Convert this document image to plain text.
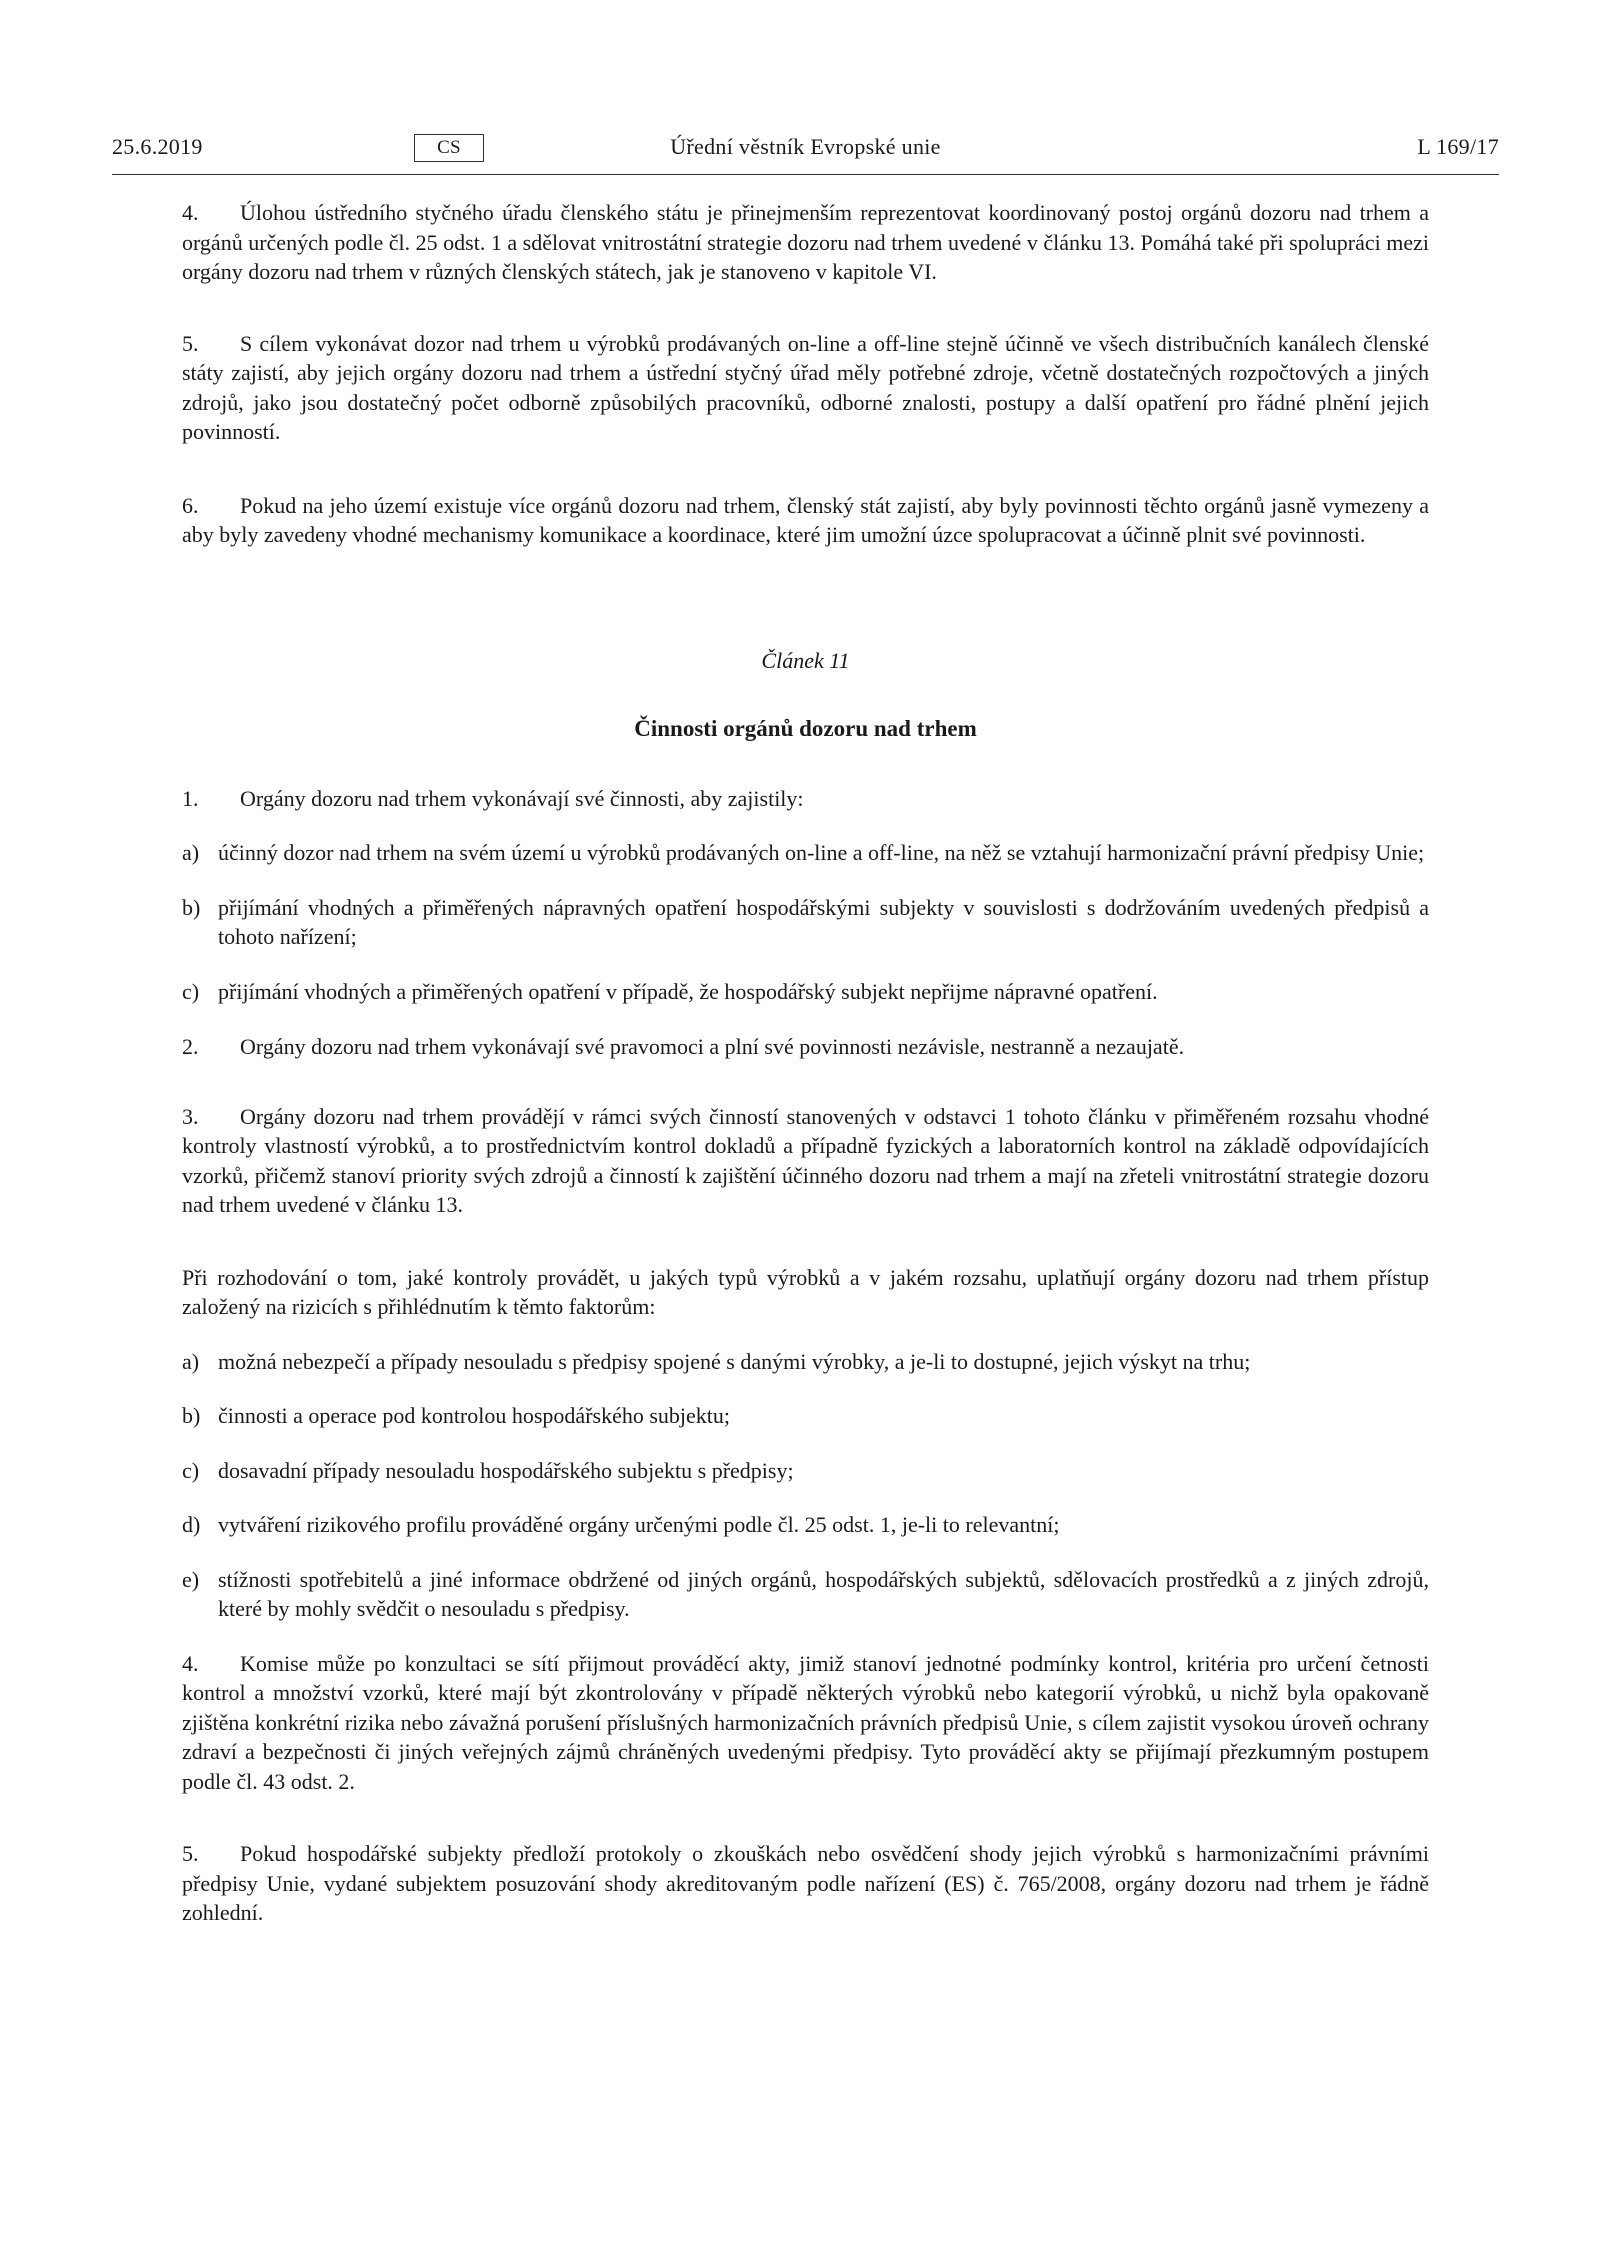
25.6.2019	CS	Úřední věstník Evropské unie	L 169/17

4. Úlohou ústředního styčného úřadu členského státu je přinejmenším reprezentovat koordinovaný postoj orgánů dozoru nad trhem a orgánů určených podle čl. 25 odst. 1 a sdělovat vnitrostátní strategie dozoru nad trhem uvedené v článku 13. Pomáhá také při spolupráci mezi orgány dozoru nad trhem v různých členských státech, jak je stanoveno v kapitole VI.

5. S cílem vykonávat dozor nad trhem u výrobků prodávaných on-line a off-line stejně účinně ve všech distribučních kanálech členské státy zajistí, aby jejich orgány dozoru nad trhem a ústřední styčný úřad měly potřebné zdroje, včetně dostatečných rozpočtových a jiných zdrojů, jako jsou dostatečný počet odborně způsobilých pracovníků, odborné znalosti, postupy a další opatření pro řádné plnění jejich povinností.

6. Pokud na jeho území existuje více orgánů dozoru nad trhem, členský stát zajistí, aby byly povinnosti těchto orgánů jasně vymezeny a aby byly zavedeny vhodné mechanismy komunikace a koordinace, které jim umožní úzce spolupracovat a účinně plnit své povinnosti.

Článek 11
Činnosti orgánů dozoru nad trhem

1. Orgány dozoru nad trhem vykonávají své činnosti, aby zajistily:

a) účinný dozor nad trhem na svém území u výrobků prodávaných on-line a off-line, na něž se vztahují harmonizační právní předpisy Unie;
b) přijímání vhodných a přiměřených nápravných opatření hospodářskými subjekty v souvislosti s dodržováním uvedených předpisů a tohoto nařízení;
c) přijímání vhodných a přiměřených opatření v případě, že hospodářský subjekt nepřijme nápravné opatření.

2. Orgány dozoru nad trhem vykonávají své pravomoci a plní své povinnosti nezávisle, nestranně a nezaujatě.

3. Orgány dozoru nad trhem provádějí v rámci svých činností stanovených v odstavci 1 tohoto článku v přiměřeném rozsahu vhodné kontroly vlastností výrobků, a to prostřednictvím kontrol dokladů a případně fyzických a laboratorních kontrol na základě odpovídajících vzorků, přičemž stanoví priority svých zdrojů a činností k zajištění účinného dozoru nad trhem a mají na zřeteli vnitrostátní strategie dozoru nad trhem uvedené v článku 13.

Při rozhodování o tom, jaké kontroly provádět, u jakých typů výrobků a v jakém rozsahu, uplatňují orgány dozoru nad trhem přístup založený na rizicích s přihlédnutím k těmto faktorům:

a) možná nebezpečí a případy nesouladu s předpisy spojené s danými výrobky, a je-li to dostupné, jejich výskyt na trhu;
b) činnosti a operace pod kontrolou hospodářského subjektu;
c) dosavadní případy nesouladu hospodářského subjektu s předpisy;
d) vytváření rizikového profilu prováděné orgány určenými podle čl. 25 odst. 1, je-li to relevantní;
e) stížnosti spotřebitelů a jiné informace obdržené od jiných orgánů, hospodářských subjektů, sdělovacích prostředků a z jiných zdrojů, které by mohly svědčit o nesouladu s předpisy.

4. Komise může po konzultaci se sítí přijmout prováděcí akty, jimiž stanoví jednotné podmínky kontrol, kritéria pro určení četnosti kontrol a množství vzorků, které mají být zkontrolovány v případě některých výrobků nebo kategorií výrobků, u nichž byla opakovaně zjištěna konkrétní rizika nebo závažná porušení příslušných harmonizačních právních předpisů Unie, s cílem zajistit vysokou úroveň ochrany zdraví a bezpečnosti či jiných veřejných zájmů chráněných uvedenými předpisy. Tyto prováděcí akty se přijímají přezkumným postupem podle čl. 43 odst. 2.

5. Pokud hospodářské subjekty předloží protokoly o zkouškách nebo osvědčení shody jejich výrobků s harmonizačními právními předpisy Unie, vydané subjektem posuzování shody akreditovaným podle nařízení (ES) č. 765/2008, orgány dozoru nad trhem je řádně zohlední.
